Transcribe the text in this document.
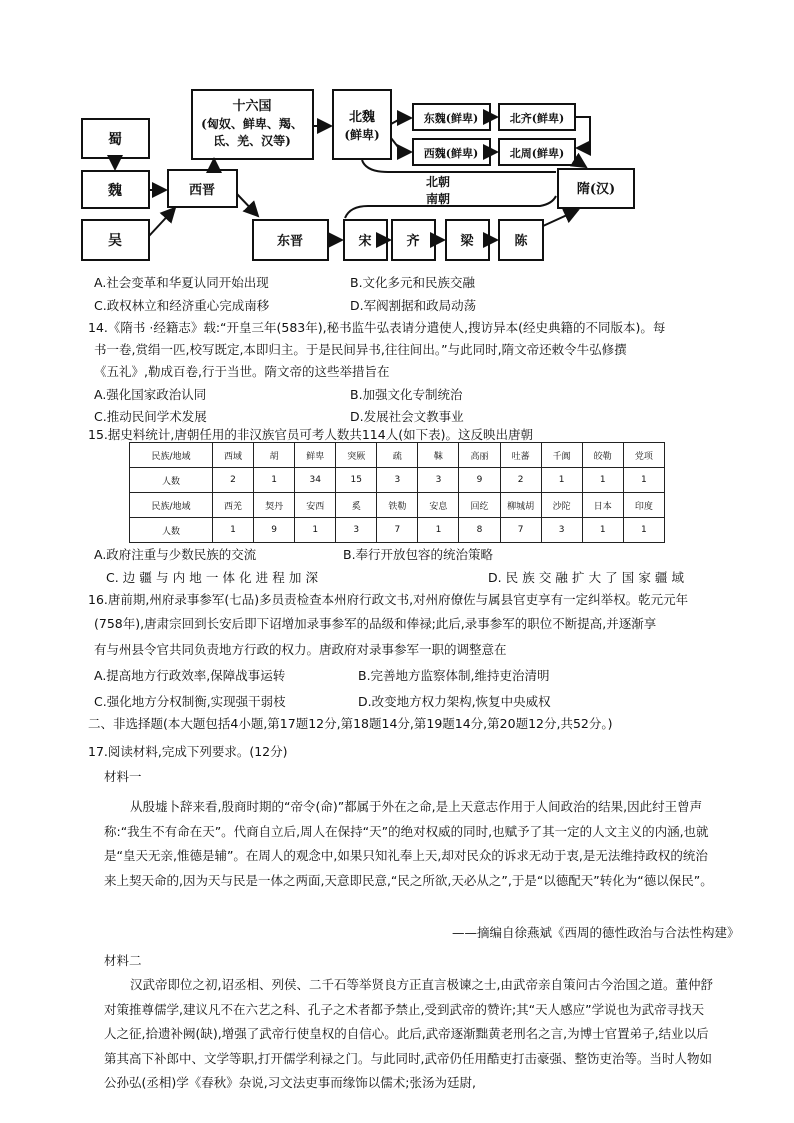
蜀
魏
吴
西晋
十六国
(匈奴、鲜卑、羯、
氐、羌、汉等)
北魏
(鲜卑)
东魏(鲜卑)	北齐(鲜卑)
西魏(鲜卑)	北周(鲜卑)
北朝
南朝
隋(汉)
东晋	宋	齐	梁	陈
A.社会变革和华夏认同开始出现	B.文化多元和民族交融
C.政权林立和经济重心完成南移	D.军阀割据和政局动荡
14.《隋书 ·经籍志》载:“开皇三年(583年),秘书监牛弘表请分遣使人,搜访异本(经史典籍的不同版本)。每
书一卷,赏绢一匹,校写既定,本即归主。于是民间异书,往往间出。”与此同时,隋文帝还敕令牛弘修撰
《五礼》,勒成百卷,行于当世。隋文帝的这些举措旨在
A.强化国家政治认同	B.加强文化专制统治
C.推动民间学术发展	D.发展社会文教事业
15.据史料统计,唐朝任用的非汉族官员可考人数共114人(如下表)。这反映出唐朝
民族/地域	西域	胡	鲜卑	突厥	疏	靺	高丽	吐蕃	千阗	皎勒	党项
人数	2	1	34	15	3	3	9	2	1	1	1
民族/地域	西羌	契丹	安西	奚	铁勒	安息	回纥	柳城胡	沙陀	日本	印度
人数	1	9	1	3	7	1	8	7	3	1	1
A.政府注重与少数民族的交流	B.奉行开放包容的统治策略
C.边疆与内地一体化进程加深	D.民族交融扩大了国家疆域
16.唐前期,州府录事参军(七品)多员责检查本州府行政文书,对州府僚佐与属县官吏享有一定纠举权。乾元元年
(758年),唐肃宗回到长安后即下诏增加录事参军的品级和俸禄;此后,录事参军的职位不断提高,并逐渐享
有与州县令官共同负责地方行政的权力。唐政府对录事参军一职的调整意在
A.提高地方行政效率,保障战事运转	B.完善地方监察体制,维持吏治清明
C.强化地方分权制衡,实现强干弱枝	D.改变地方权力架构,恢复中央威权
二、非选择题(本大题包括4小题,第17题12分,第18题14分,第19题14分,第20题12分,共52分。)
17.阅读材料,完成下列要求。(12分)
材料一
从殷墟卜辞来看,殷商时期的“帝令(命)”都属于外在之命,是上天意志作用于人间政治的结果,因此纣王曾声称:“我生不有命在天”。代商自立后,周人在保持“天”的绝对权威的同时,也赋予了其一定的人文主义的内涵,也就是“皇天无亲,惟德是辅”。在周人的观念中,如果只知礼奉上天,却对民众的诉求无动于衷,是无法维持政权的统治来上契天命的,因为天与民是一体之两面,天意即民意,“民之所欲,天必从之”,于是“以德配天”转化为“德以保民”。
——摘编自徐燕斌《西周的德性政治与合法性构建》
材料二
汉武帝即位之初,诏丞相、列侯、二千石等举贤良方正直言极谏之士,由武帝亲自策问古今治国之道。董仲舒对策推尊儒学,建议凡不在六艺之科、孔子之术者都予禁止,受到武帝的赞许;其“天人感应”学说也为武帝寻找天人之征,拾遗补阙(缺),增强了武帝行使皇权的自信心。此后,武帝逐渐黜黄老刑名之言,为博士官置弟子,结业以后第其高下补郎中、文学等职,打开儒学利禄之门。与此同时,武帝仍任用酷吏打击豪强、整饬吏治等。当时人物如公孙弘(丞相)学《春秋》杂说,习文法吏事而缘饰以儒术;张汤为廷尉,
